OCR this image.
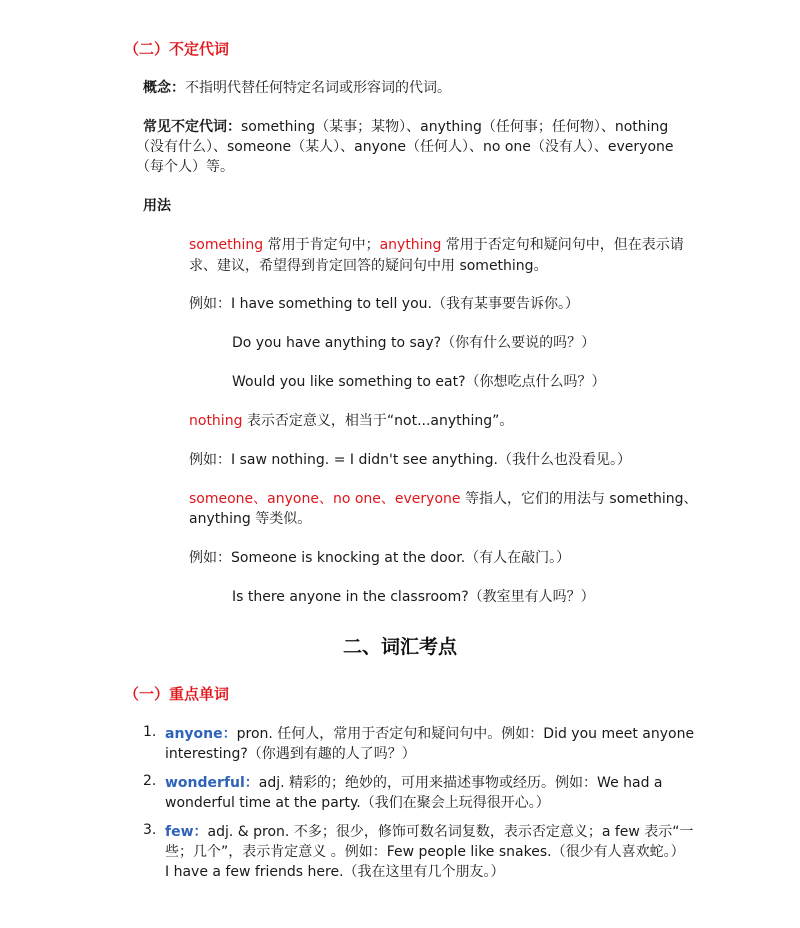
（二）不定代词
概念：不指明代替任何特定名词或形容词的代词。
常见不定代词：something（某事；某物）、anything（任何事；任何物）、nothing
（没有什么）、someone（某人）、anyone（任何人）、no one（没有人）、everyone
（每个人）等。
用法
something 常用于肯定句中；anything 常用于否定句和疑问句中，但在表示请
求、建议，希望得到肯定回答的疑问句中用 something。
例如：I have something to tell you.（我有某事要告诉你。）
Do you have anything to say?（你有什么要说的吗？）
Would you like something to eat?（你想吃点什么吗？）
nothing 表示否定意义，相当于“not...anything”。
例如：I saw nothing. = I didn't see anything.（我什么也没看见。）
someone、anyone、no one、everyone 等指人，它们的用法与 something、
anything 等类似。
例如：Someone is knocking at the door.（有人在敲门。）
Is there anyone in the classroom?（教室里有人吗？）
二、词汇考点
（一）重点单词
1. anyone：pron. 任何人，常用于否定句和疑问句中。例如：Did you meet anyone
interesting?（你遇到有趣的人了吗？）
2. wonderful：adj. 精彩的；绝妙的，可用来描述事物或经历。例如：We had a
wonderful time at the party.（我们在聚会上玩得很开心。）
3. few：adj. & pron. 不多；很少，修饰可数名词复数，表示否定意义；a few 表示“一
些；几个”，表示肯定意义 。例如：Few people like snakes.（很少有人喜欢蛇。）
I have a few friends here.（我在这里有几个朋友。）
